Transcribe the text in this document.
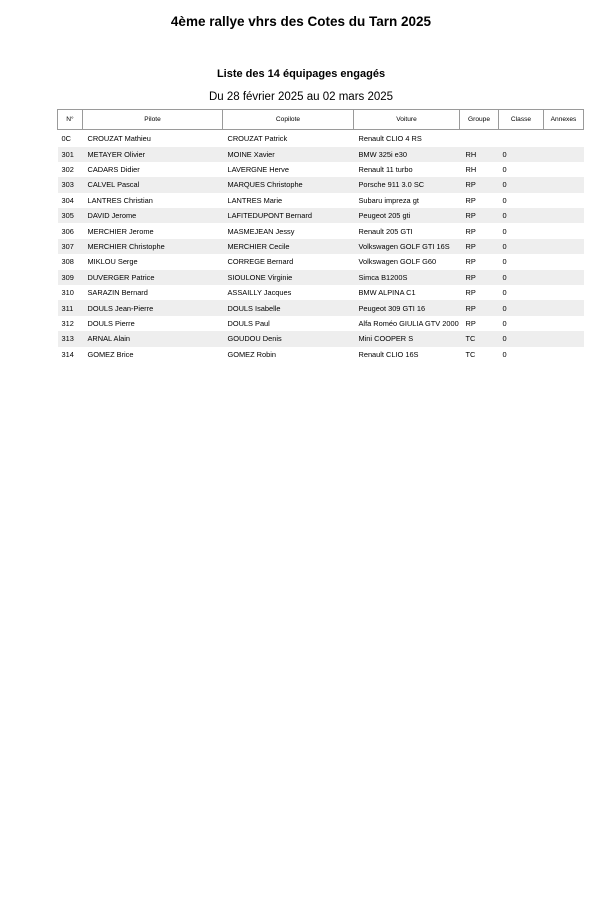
4ème rallye vhrs des Cotes du Tarn 2025
Liste des 14 équipages engagés
Du 28 février 2025 au 02 mars 2025
N°	Pilote	Copilote	Voiture	Groupe	Classe	Annexes
0C	CROUZAT Mathieu	CROUZAT Patrick	Renault CLIO 4 RS			
301	METAYER Olivier	MOINE Xavier	BMW 325i e30	RH	0	
302	CADARS Didier	LAVERGNE Herve	Renault 11 turbo	RH	0	
303	CALVEL Pascal	MARQUES Christophe	Porsche 911 3.0 SC	RP	0	
304	LANTRES Christian	LANTRES Marie	Subaru impreza gt	RP	0	
305	DAVID Jerome	LAFITEDUPONT Bernard	Peugeot 205 gti	RP	0	
306	MERCHIER Jerome	MASMEJEAN Jessy	Renault 205 GTI	RP	0	
307	MERCHIER Christophe	MERCHIER Cecile	Volkswagen GOLF GTI 16S	RP	0	
308	MIKLOU Serge	CORREGE Bernard	Volkswagen GOLF G60	RP	0	
309	DUVERGER Patrice	SIOULONE Virginie	Simca B1200S	RP	0	
310	SARAZIN Bernard	ASSAILLY Jacques	BMW ALPINA C1	RP	0	
311	DOULS Jean-Pierre	DOULS Isabelle	Peugeot 309 GTI 16	RP	0	
312	DOULS Pierre	DOULS Paul	Alfa Roméo GIULIA GTV 2000	RP	0	
313	ARNAL Alain	GOUDOU Denis	Mini COOPER S	TC	0	
314	GOMEZ Brice	GOMEZ Robin	Renault CLIO 16S	TC	0	
